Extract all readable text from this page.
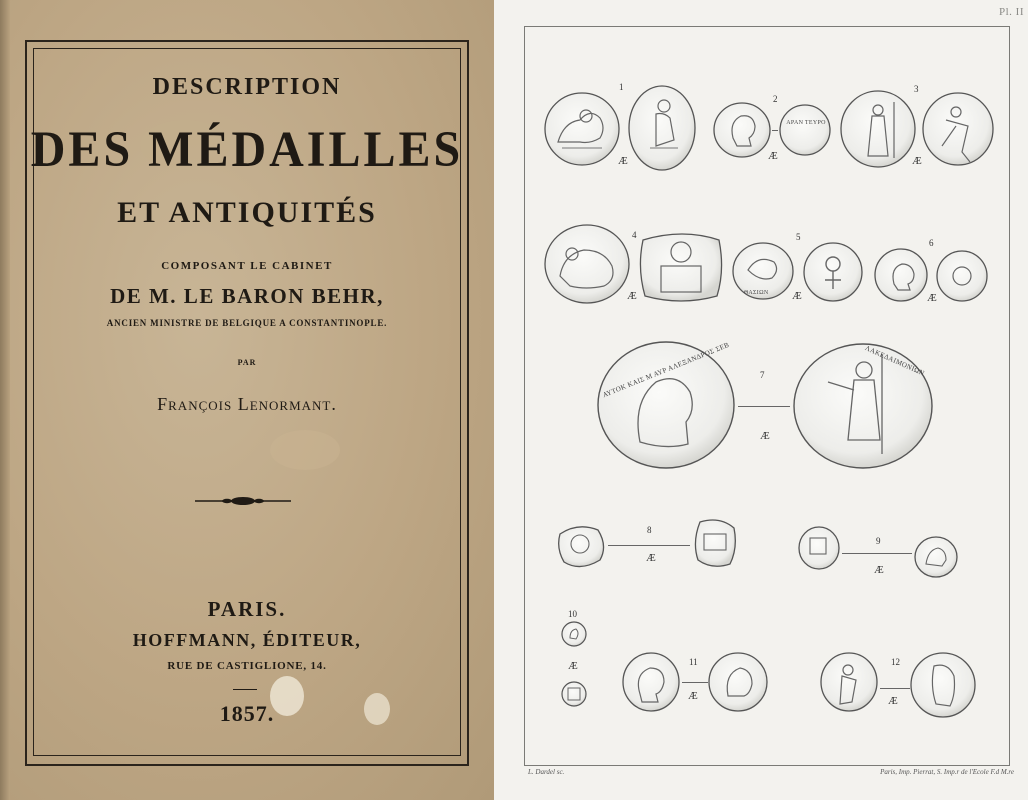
DESCRIPTION

DES MÉDAILLES

ET ANTIQUITÉS

COMPOSANT LE CABINET

DE M. LE BARON BEHR,

ANCIEN MINISTRE DE BELGIQUE A CONSTANTINOPLE.

PAR

François Lenormant.

PARIS.

HOFFMANN, ÉDITEUR,

RUE DE CASTIGLIONE, 14.

1857.

Pl. II
1
Æ
2
ΑΡΑΝ ΤΕΥΡΟ
Æ
3
Æ
4
Æ
5
ΘΑΣΙΩΝ Æ
6
Æ
ΑΥΤΟΚ ΚΑΙΣ Μ ΑΥΡ ΑΛΕΞΑΝΔΡΟΣ ΣΕΒ	7
Æ
ΛΑΚΕΔΑΙΜΟΝΙΩΝ
8
Æ
9
Æ
10
Æ	11
Æ
12
Æ
L. Dardel sc.	Paris, Imp. Pierrat, S. Imp.r de l'Ecole F.d M.re
